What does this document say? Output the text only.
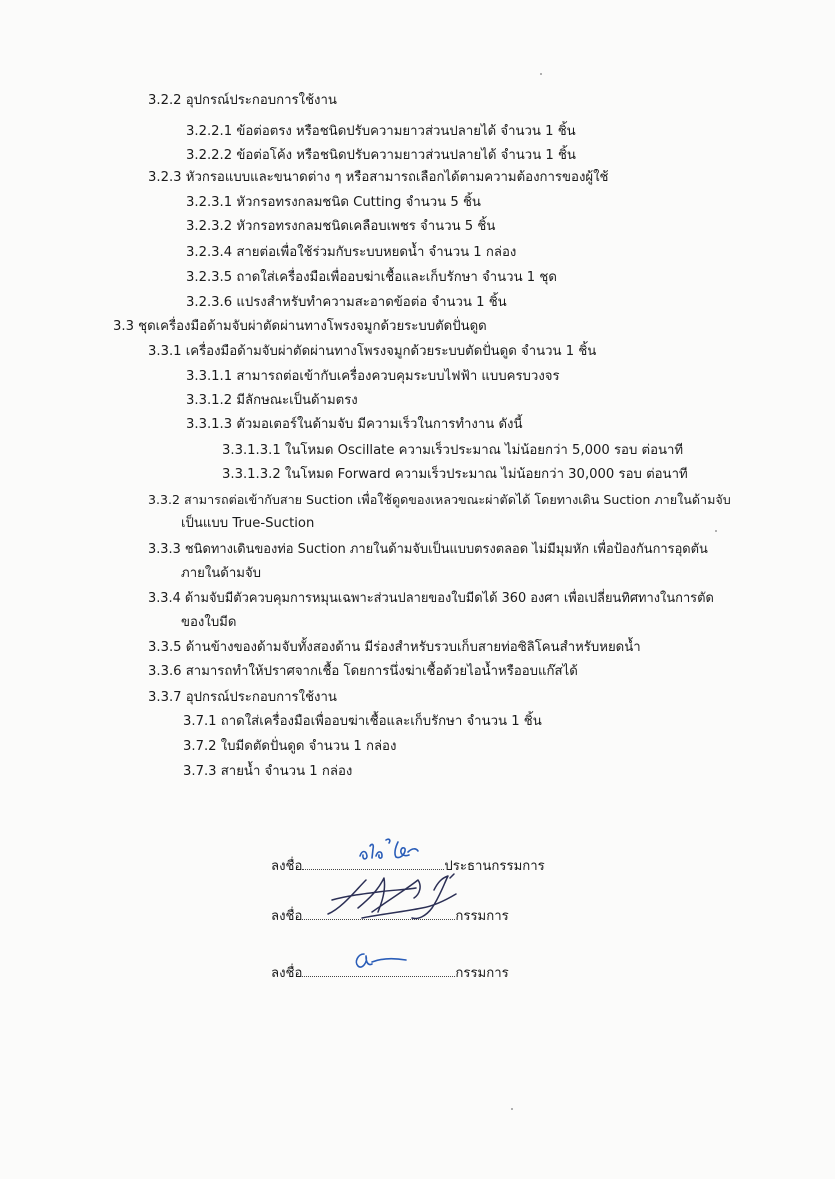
3.2.2 อุปกรณ์ประกอบการใช้งาน
3.2.2.1 ข้อต่อตรง หรือชนิดปรับความยาวส่วนปลายได้ จำนวน 1 ชิ้น
3.2.2.2 ข้อต่อโค้ง หรือชนิดปรับความยาวส่วนปลายได้ จำนวน 1 ชิ้น
3.2.3 หัวกรอแบบและขนาดต่าง ๆ หรือสามารถเลือกได้ตามความต้องการของผู้ใช้
3.2.3.1 หัวกรอทรงกลมชนิด Cutting จำนวน 5 ชิ้น
3.2.3.2 หัวกรอทรงกลมชนิดเคลือบเพชร จำนวน 5 ชิ้น
3.2.3.4 สายต่อเพื่อใช้ร่วมกับระบบหยดน้ำ จำนวน 1 กล่อง
3.2.3.5 ถาดใส่เครื่องมือเพื่ออบฆ่าเชื้อและเก็บรักษา จำนวน 1 ชุด
3.2.3.6 แปรงสำหรับทำความสะอาดข้อต่อ จำนวน 1 ชิ้น
3.3 ชุดเครื่องมือด้ามจับผ่าตัดผ่านทางโพรงจมูกด้วยระบบตัดปั่นดูด
3.3.1 เครื่องมือด้ามจับผ่าตัดผ่านทางโพรงจมูกด้วยระบบตัดปั่นดูด จำนวน 1 ชิ้น
3.3.1.1 สามารถต่อเข้ากับเครื่องควบคุมระบบไฟฟ้า แบบครบวงจร
3.3.1.2 มีลักษณะเป็นด้ามตรง
3.3.1.3 ตัวมอเตอร์ในด้ามจับ มีความเร็วในการทำงาน ดังนี้
3.3.1.3.1 ในโหมด Oscillate ความเร็วประมาณ ไม่น้อยกว่า 5,000 รอบ ต่อนาที
3.3.1.3.2 ในโหมด Forward ความเร็วประมาณ ไม่น้อยกว่า 30,000 รอบ ต่อนาที
3.3.2 สามารถต่อเข้ากับสาย Suction เพื่อใช้ดูดของเหลวขณะผ่าตัดได้ โดยทางเดิน Suction ภายในด้ามจับ
เป็นแบบ True-Suction
3.3.3 ชนิดทางเดินของท่อ Suction ภายในด้ามจับเป็นแบบตรงตลอด ไม่มีมุมหัก เพื่อป้องกันการอุดตัน
ภายในด้ามจับ
3.3.4 ด้ามจับมีตัวควบคุมการหมุนเฉพาะส่วนปลายของใบมีดได้ 360 องศา เพื่อเปลี่ยนทิศทางในการตัด
ของใบมีด
3.3.5 ด้านข้างของด้ามจับทั้งสองด้าน มีร่องสำหรับรวบเก็บสายท่อซิลิโคนสำหรับหยดน้ำ
3.3.6 สามารถทำให้ปราศจากเชื้อ โดยการนึ่งฆ่าเชื้อด้วยไอน้ำหรืออบแก๊สได้
3.3.7 อุปกรณ์ประกอบการใช้งาน
3.7.1 ถาดใส่เครื่องมือเพื่ออบฆ่าเชื้อและเก็บรักษา จำนวน 1 ชิ้น
3.7.2 ใบมีดตัดปั่นดูด จำนวน 1 กล่อง
3.7.3 สายน้ำ จำนวน 1 กล่อง
ลงชื่อ	ประธานกรรมการ
ลงชื่อ	กรรมการ
ลงชื่อ	กรรมการ
